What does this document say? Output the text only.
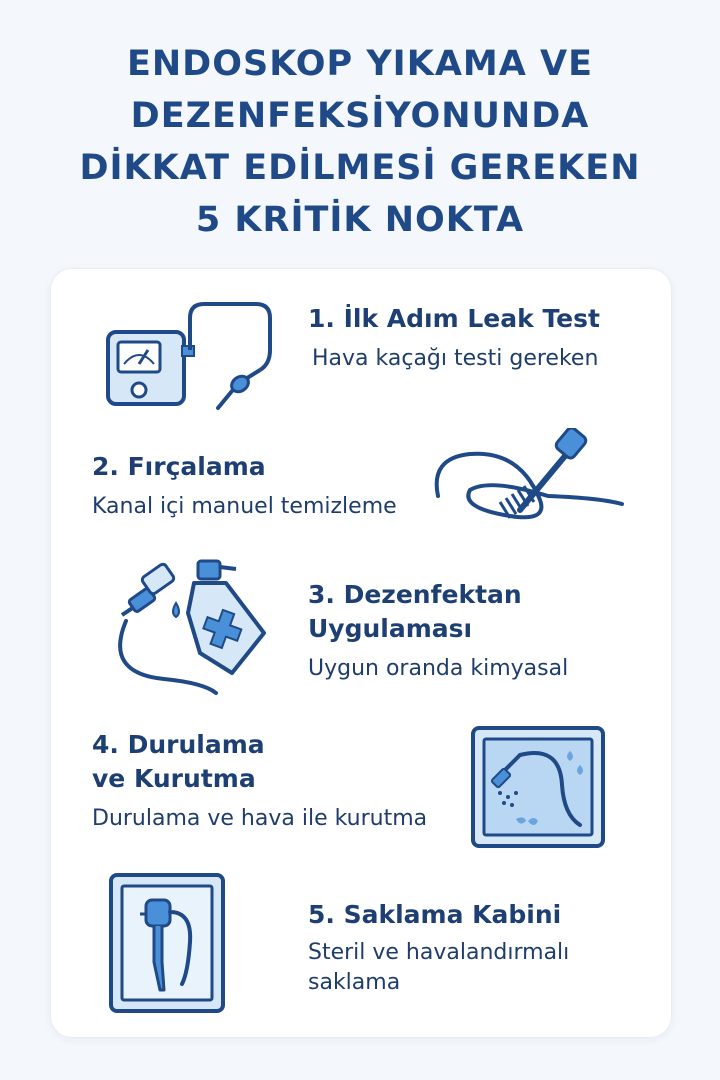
ENDOSKOP YIKAMA VE
DEZENFEKSİYONUNDA
DİKKAT EDİLMESİ GEREKEN
5 KRİTİK NOKTA
1. İlk Adım Leak Test
Hava kaçağı testi gereken
2. Fırçalama
Kanal içi manuel temizleme
3. Dezenfektan
Uygulaması
Uygun oranda kimyasal
4. Durulama
ve Kurutma
Durulama ve hava ile kurutma
5. Saklama Kabini
Steril ve havalandırmalı
saklama
